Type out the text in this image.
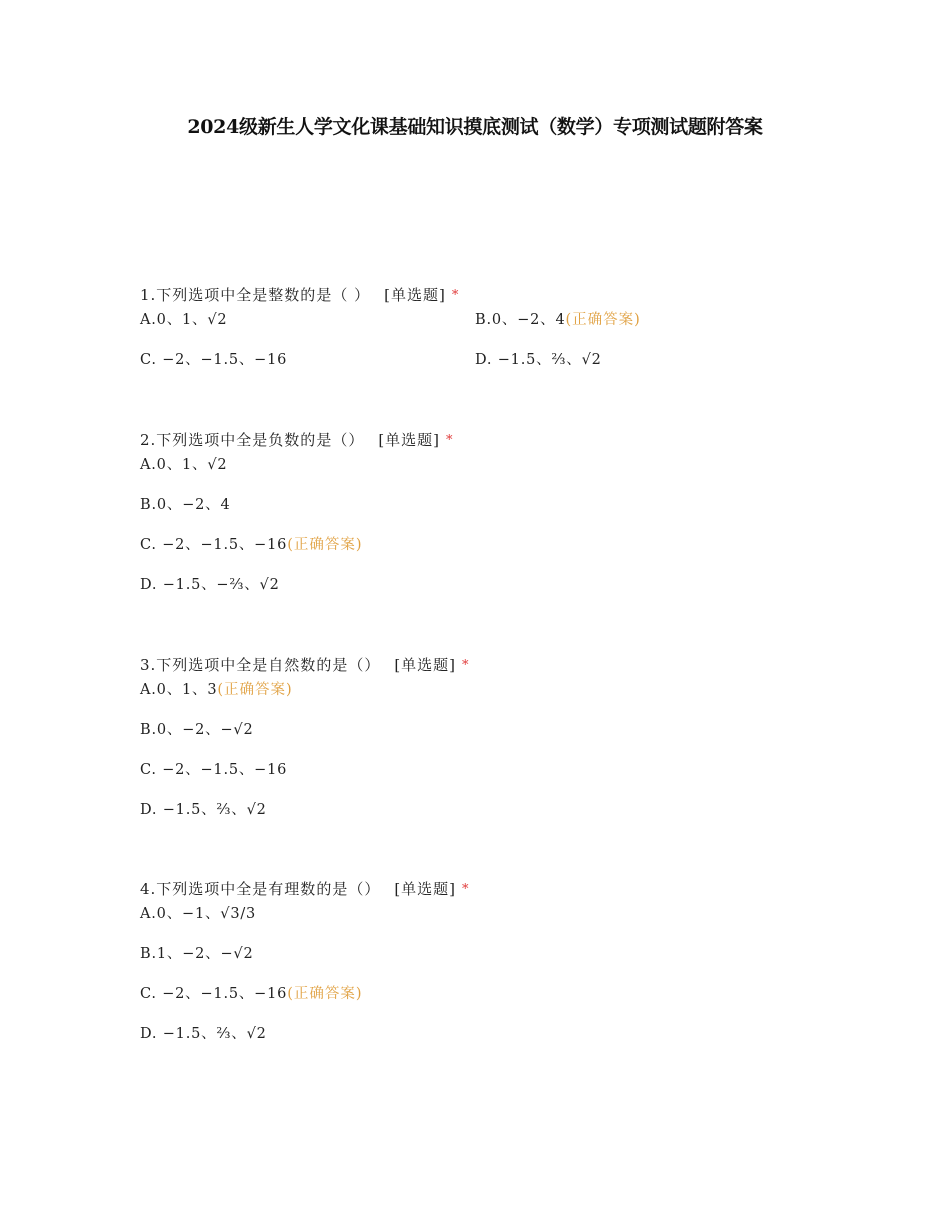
2024级新生人学文化课基础知识摸底测试（数学）专项测试题附答案
1.下列选项中全是整数的是（ ） [单选题] *
A.0、1、√2	B.0、−2、4(正确答案)
C. −2、−1.5、−16	D. −1.5、⅔、√2
2.下列选项中全是负数的是（） [单选题] *
A.0、1、√2
B.0、−2、4
C. −2、−1.5、−16(正确答案)
D. −1.5、−⅔、√2
3.下列选项中全是自然数的是（） [单选题] *
A.0、1、3(正确答案)
B.0、−2、−√2
C. −2、−1.5、−16
D. −1.5、⅔、√2
4.下列选项中全是有理数的是（） [单选题] *
A.0、−1、√3/3
B.1、−2、−√2
C. −2、−1.5、−16(正确答案)
D. −1.5、⅔、√2
